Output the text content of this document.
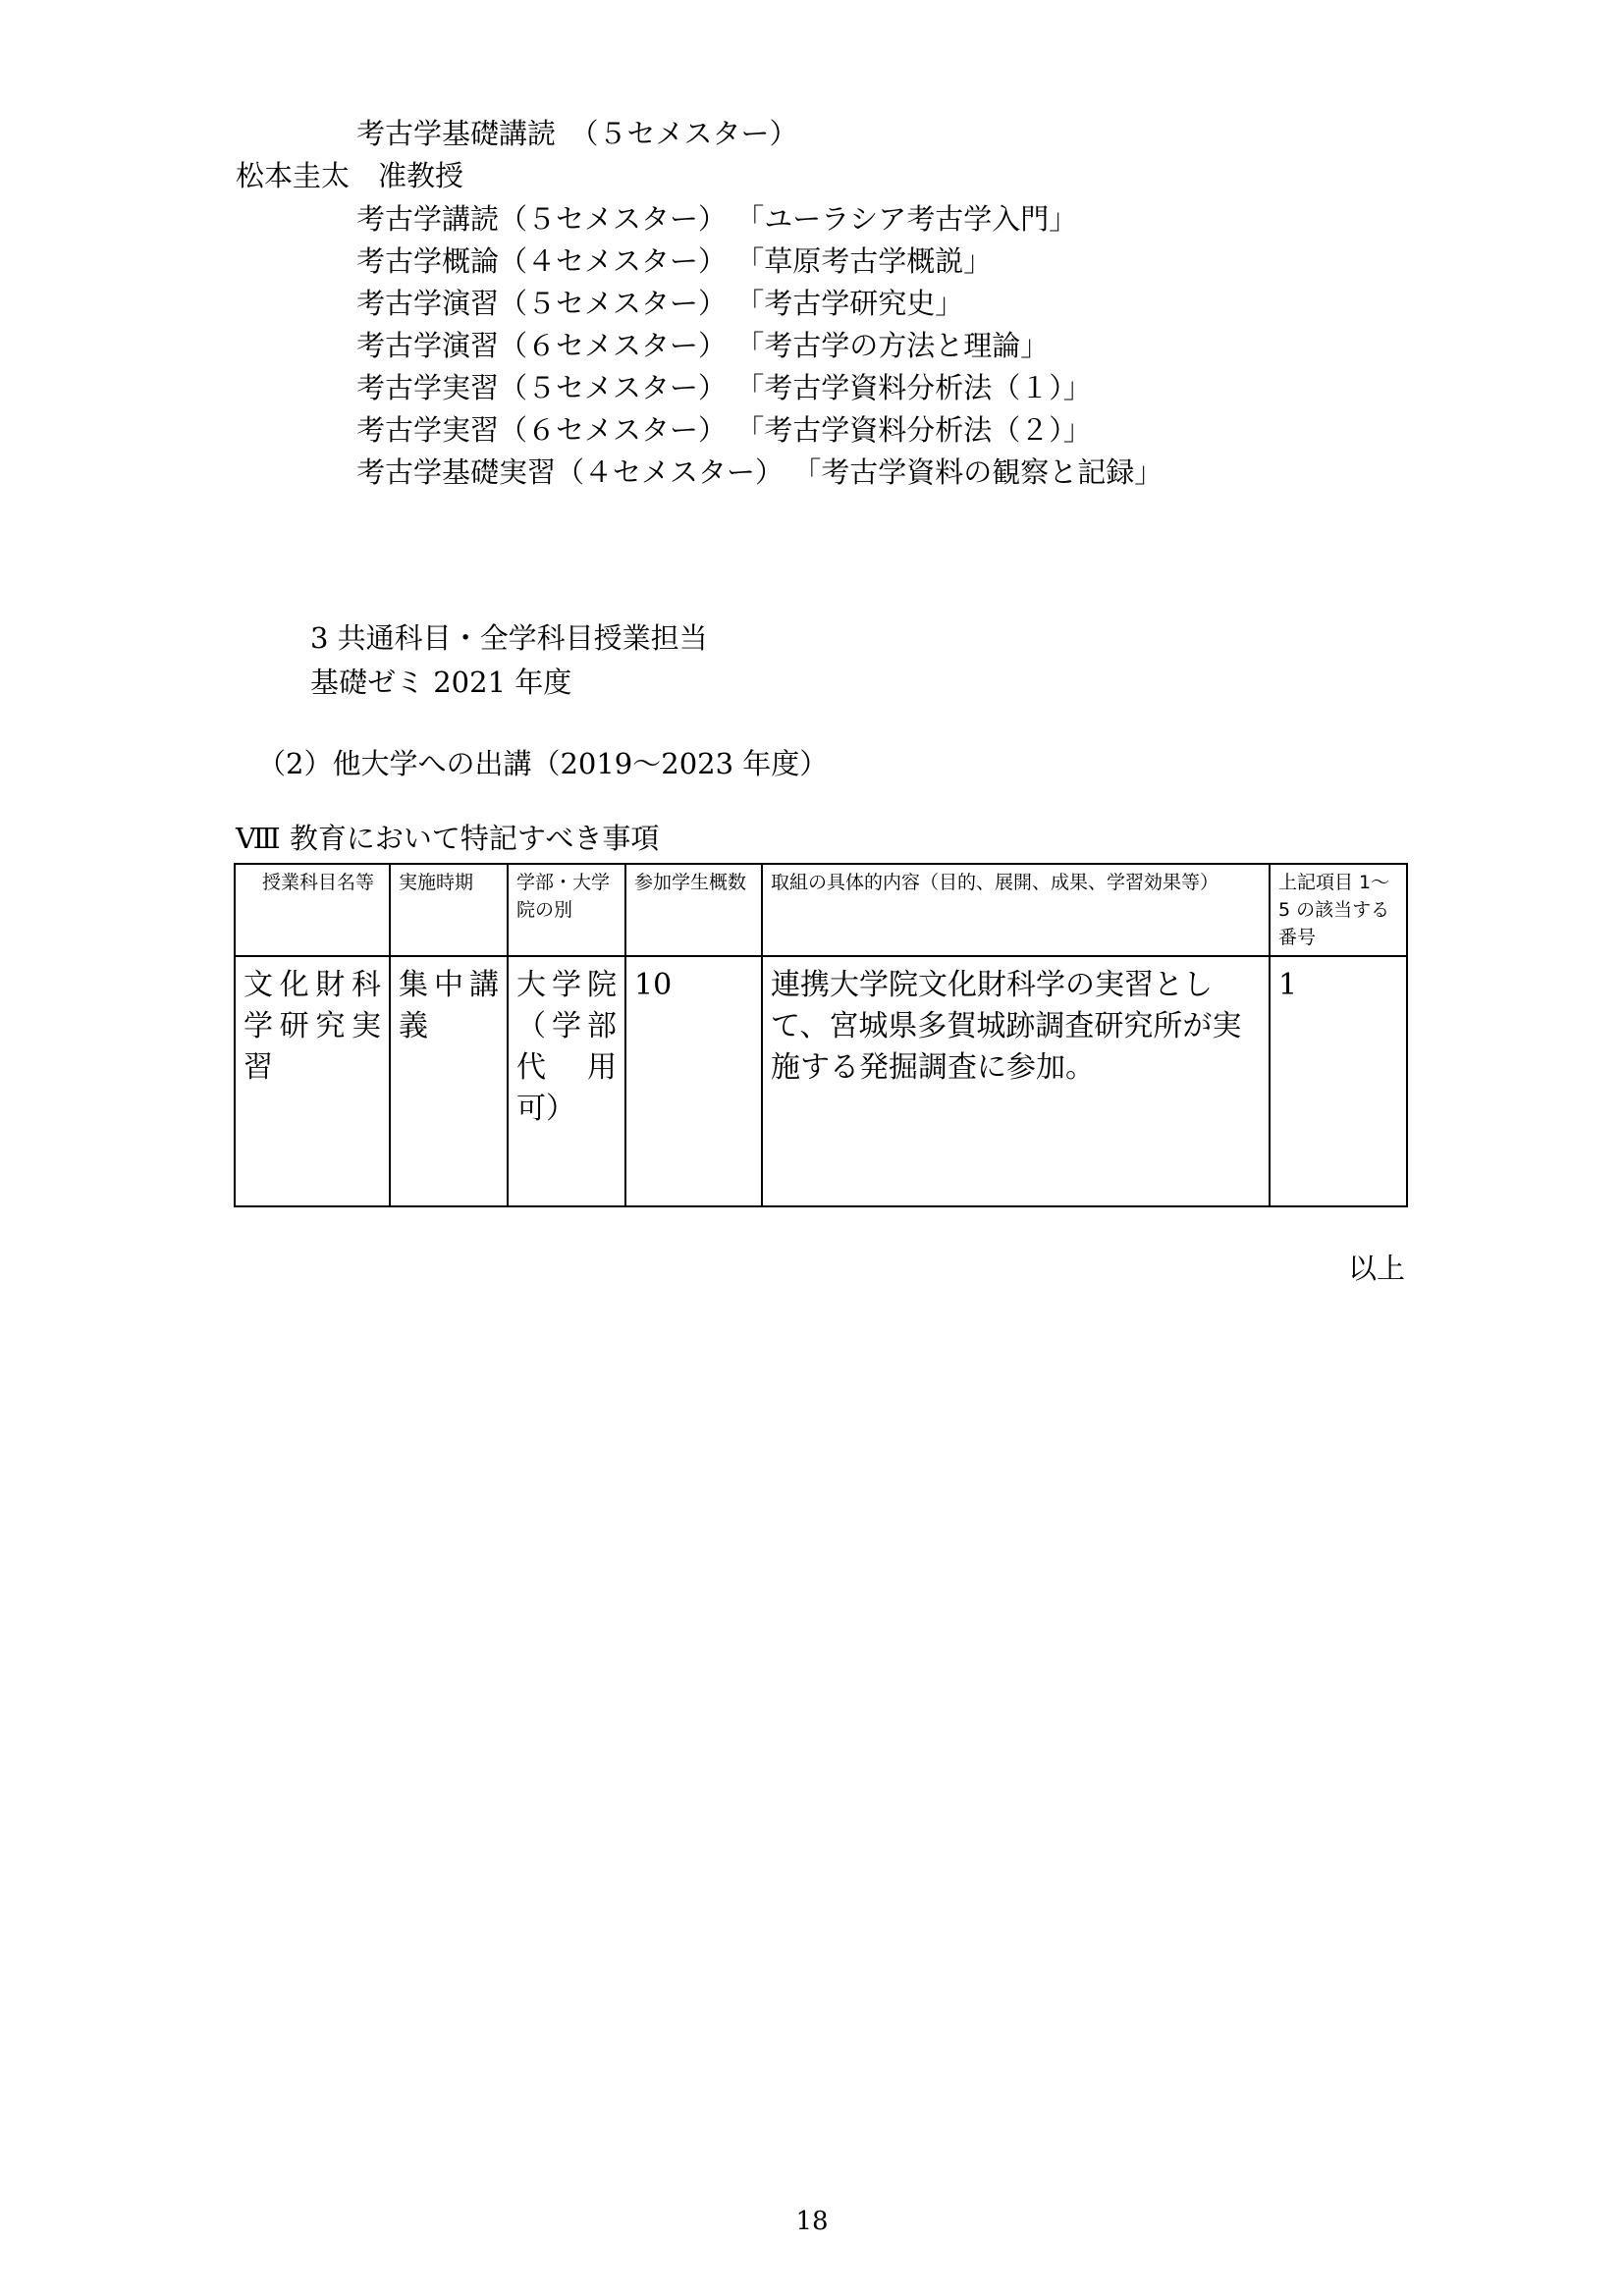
考古学基礎講読　 （５セメスター）
松本圭太　 准教授
考古学講読（５セメスター） 「ユーラシア考古学入門」
考古学概論（４セメスター） 「草原考古学概説」
考古学演習（５セメスター） 「考古学研究史」
考古学演習（６セメスター） 「考古学の方法と理論」
考古学実習（５セメスター） 「考古学資料分析法（１）」
考古学実習（６セメスター） 「考古学資料分析法（２）」
考古学基礎実習（４セメスター） 「考古学資料の観察と記録」
3 共通科目・全学科目授業担当
基礎ゼミ 2021 年度
（2）他大学への出講（2019～2023 年度）
Ⅷ 教育において特記すべき事項
授業科目名等	実施時期	学部・大学院の別	参加学生概数	取組の具体的内容（目的、展開、成果、学習効果等）	上記項目 1～5 の該当する番号
文化財科学研究実習	集中講義	大学院（学部代用可）	10	連携大学院文化財科学の実習として、宮城県多賀城跡調査研究所が実施する発掘調査に参加。	1
以上
18
